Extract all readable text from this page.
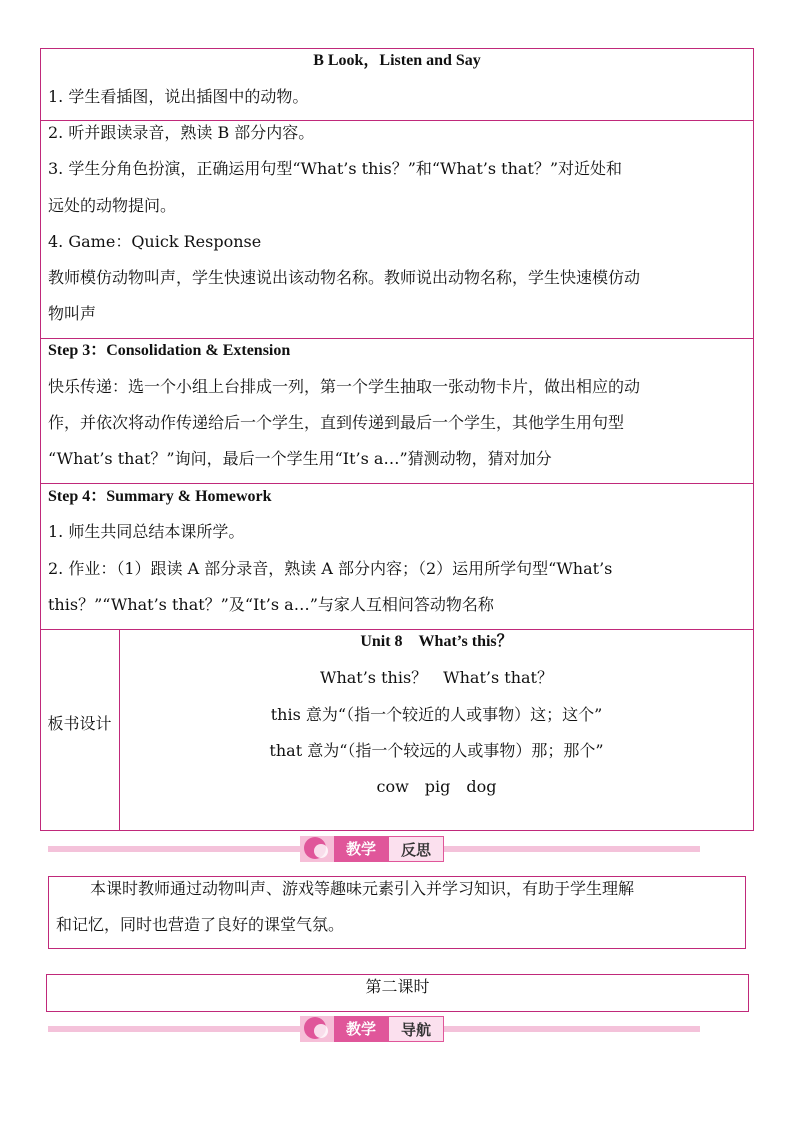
B Look，Listen and Say
1. 学生看插图，说出插图中的动物。
2. 听并跟读录音，熟读 B 部分内容。
3. 学生分角色扮演，正确运用句型“What’s this？”和“What’s that？”对近处和
远处的动物提问。
4. Game：Quick Response
教师模仿动物叫声，学生快速说出该动物名称。教师说出动物名称，学生快速模仿动
物叫声
Step 3：Consolidation & Extension
快乐传递：选一个小组上台排成一列，第一个学生抽取一张动物卡片，做出相应的动
作，并依次将动作传递给后一个学生，直到传递到最后一个学生，其他学生用句型
“What’s that？”询问，最后一个学生用“It’s a…”猜测动物，猜对加分
Step 4：Summary & Homework
1. 师生共同总结本课所学。
2. 作业：（1）跟读 A 部分录音，熟读 A 部分内容；（2）运用所学句型“What’s
this？”“What’s that？”及“It’s a…”与家人互相问答动物名称
板书设计
Unit 8　What’s this？
What’s this？　What’s that？
this 意为“（指一个较近的人或事物）这；这个”
that 意为“（指一个较远的人或事物）那；那个”
cow　pig　dog
教学	反思
本课时教师通过动物叫声、游戏等趣味元素引入并学习知识，有助于学生理解
和记忆，同时也营造了良好的课堂气氛。
第二课时
教学	导航
